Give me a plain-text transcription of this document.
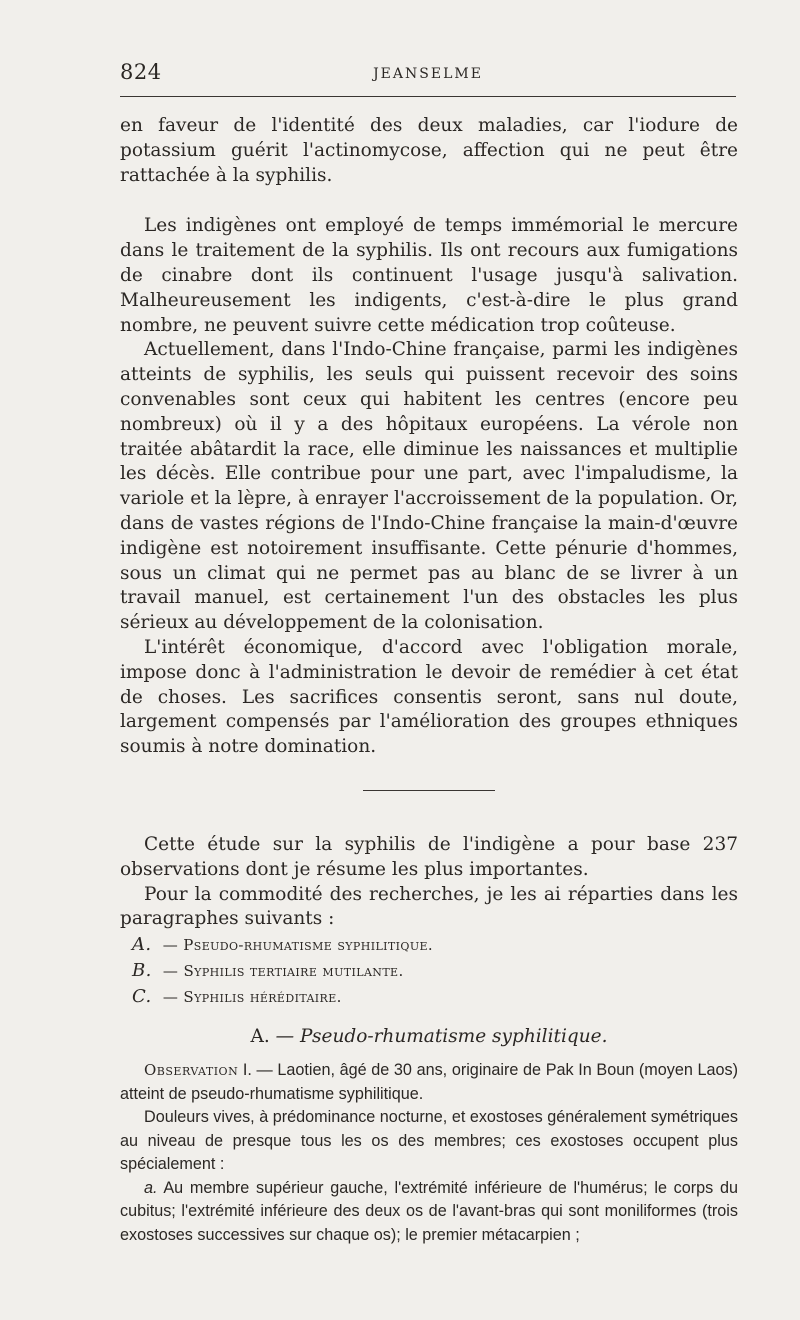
824	JEANSELME

en faveur de l'identité des deux maladies, car l'iodure de potassium guérit l'actinomycose, affection qui ne peut être rattachée à la syphilis.

Les indigènes ont employé de temps immémorial le mercure dans le traitement de la syphilis. Ils ont recours aux fumigations de cinabre dont ils continuent l'usage jusqu'à salivation. Malheureusement les indigents, c'est-à-dire le plus grand nombre, ne peuvent suivre cette médication trop coûteuse.

Actuellement, dans l'Indo-Chine française, parmi les indigènes atteints de syphilis, les seuls qui puissent recevoir des soins convenables sont ceux qui habitent les centres (encore peu nombreux) où il y a des hôpitaux européens. La vérole non traitée abâtardit la race, elle diminue les naissances et multiplie les décès. Elle contribue pour une part, avec l'impaludisme, la variole et la lèpre, à enrayer l'accroissement de la population. Or, dans de vastes régions de l'Indo-Chine française la main-d'œuvre indigène est notoirement insuffisante. Cette pénurie d'hommes, sous un climat qui ne permet pas au blanc de se livrer à un travail manuel, est certainement l'un des obstacles les plus sérieux au développement de la colonisation.

L'intérêt économique, d'accord avec l'obligation morale, impose donc à l'administration le devoir de remédier à cet état de choses. Les sacrifices consentis seront, sans nul doute, largement compensés par l'amélioration des groupes ethniques soumis à notre domination.

Cette étude sur la syphilis de l'indigène a pour base 237 observations dont je résume les plus importantes.

Pour la commodité des recherches, je les ai réparties dans les paragraphes suivants :

A. — Pseudo-rhumatisme syphilitique.
B. — Syphilis tertiaire mutilante.
C. — Syphilis héréditaire.
A. — Pseudo-rhumatisme syphilitique.

Observation I. — Laotien, âgé de 30 ans, originaire de Pak In Boun (moyen Laos) atteint de pseudo-rhumatisme syphilitique.

Douleurs vives, à prédominance nocturne, et exostoses généralement symétriques au niveau de presque tous les os des membres; ces exostoses occupent plus spécialement :

a. Au membre supérieur gauche, l'extrémité inférieure de l'humérus; le corps du cubitus; l'extrémité inférieure des deux os de l'avant-bras qui sont moniliformes (trois exostoses successives sur chaque os); le premier métacarpien ;
